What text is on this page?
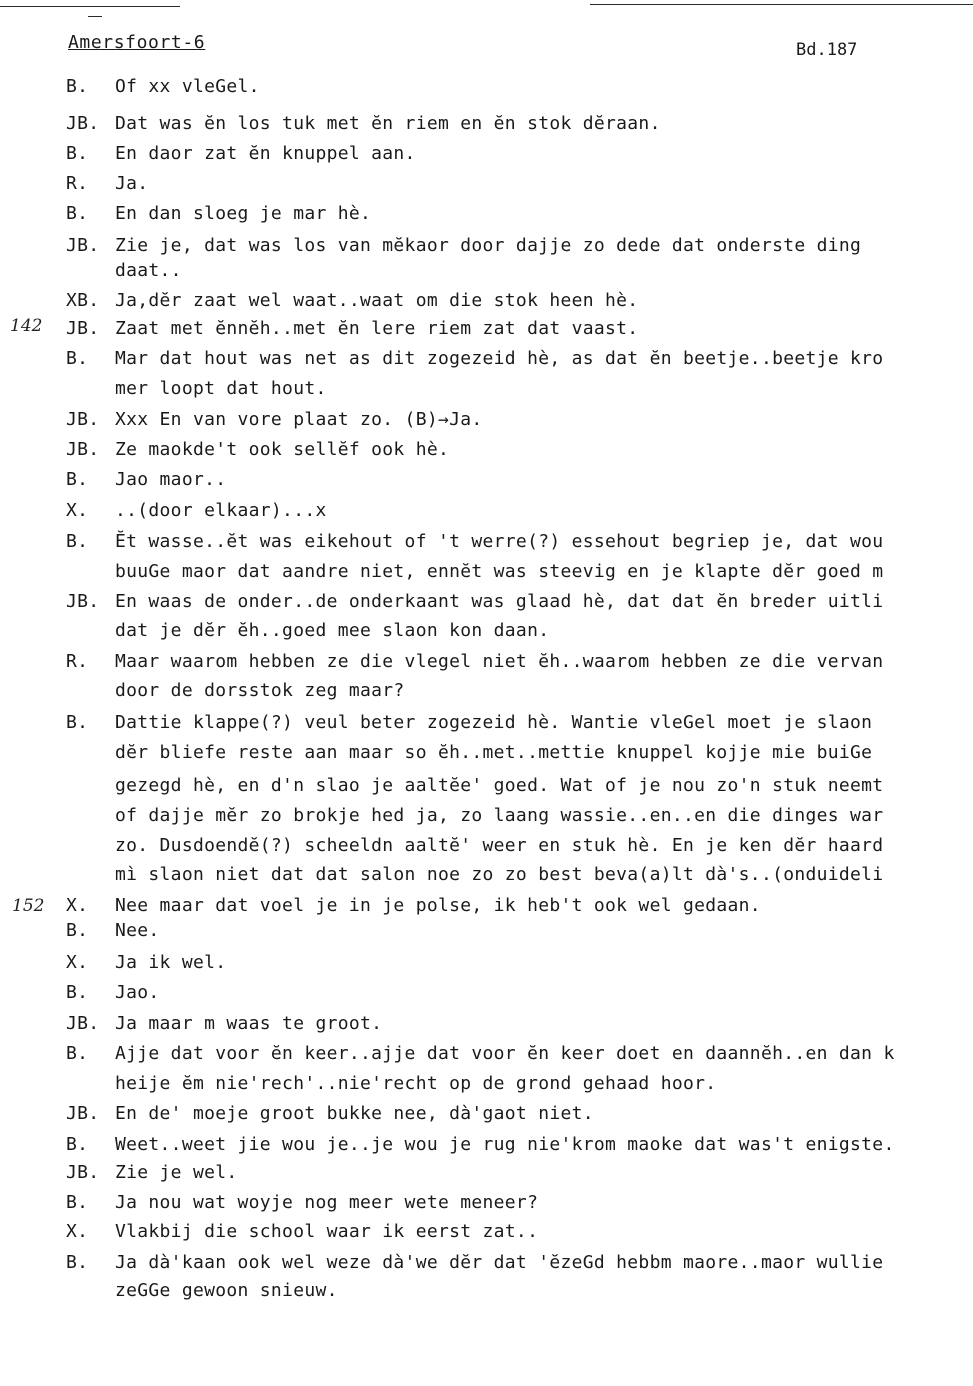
Amersfoort-6	Bd.187
142
152
B. Of xx vleGel.
JB. Dat was ĕn los tuk met ĕn riem en ĕn stok dĕraan.
B. En daor zat ĕn knuppel aan.
R. Ja.
B. En dan sloeg je mar hè.
JB. Zie je, dat was los van mĕkaor door dajje zo dede dat onderste ding
daat..
XB. Ja,dĕr zaat wel waat..waat om die stok heen hè.
JB. Zaat met ĕnnĕh..met ĕn lere riem zat dat vaast.
B. Mar dat hout was net as dit zogezeid hè, as dat ĕn beetje..beetje kro
mer loopt dat hout.
JB. Xxx En van vore plaat zo. (B)→Ja.
JB. Ze maokde't ook sellĕf ook hè.
B. Jao maor..
X. ..(door elkaar)...x
B. Ĕt wasse..ĕt was eikehout of 't werre(?) essehout begriep je, dat wou
buuGe maor dat aandre niet, ennĕt was steevig en je klapte dĕr goed m
JB. En waas de onder..de onderkaant was glaad hè, dat dat ĕn breder uitli
dat je dĕr ĕh..goed mee slaon kon daan.
R. Maar waarom hebben ze die vlegel niet ĕh..waarom hebben ze die vervan
door de dorsstok zeg maar?
B. Dattie klappe(?) veul beter zogezeid hè. Wantie vleGel moet je slaon
dĕr bliefe reste aan maar so ĕh..met..mettie knuppel kojje mie buiGe
gezegd hè, en d'n slao je aaltĕe' goed. Wat of je nou zo'n stuk neemt
of dajje mĕr zo brokje hed ja, zo laang wassie..en..en die dinges war
zo. Dusdoendĕ(?) scheeldn aaltĕ' weer en stuk hè. En je ken dĕr haard
mì slaon niet dat dat salon noe zo zo best beva(a)lt dà's..(onduideli
X. Nee maar dat voel je in je polse, ik heb't ook wel gedaan.
B. Nee.
X. Ja ik wel.
B. Jao.
JB. Ja maar m waas te groot.
B. Ajje dat voor ĕn keer..ajje dat voor ĕn keer doet en daannĕh..en dan k
heije ĕm nie'rech'..nie'recht op de grond gehaad hoor.
JB. En de' moeje groot bukke nee, dà'gaot niet.
B. Weet..weet jie wou je..je wou je rug nie'krom maoke dat was't enigste.
JB. Zie je wel.
B. Ja nou wat woyje nog meer wete meneer?
X. Vlakbij die school waar ik eerst zat..
B. Ja dà'kaan ook wel weze dà'we dĕr dat 'ĕzeGd hebbm maore..maor wullie
zeGGe gewoon snieuw.
